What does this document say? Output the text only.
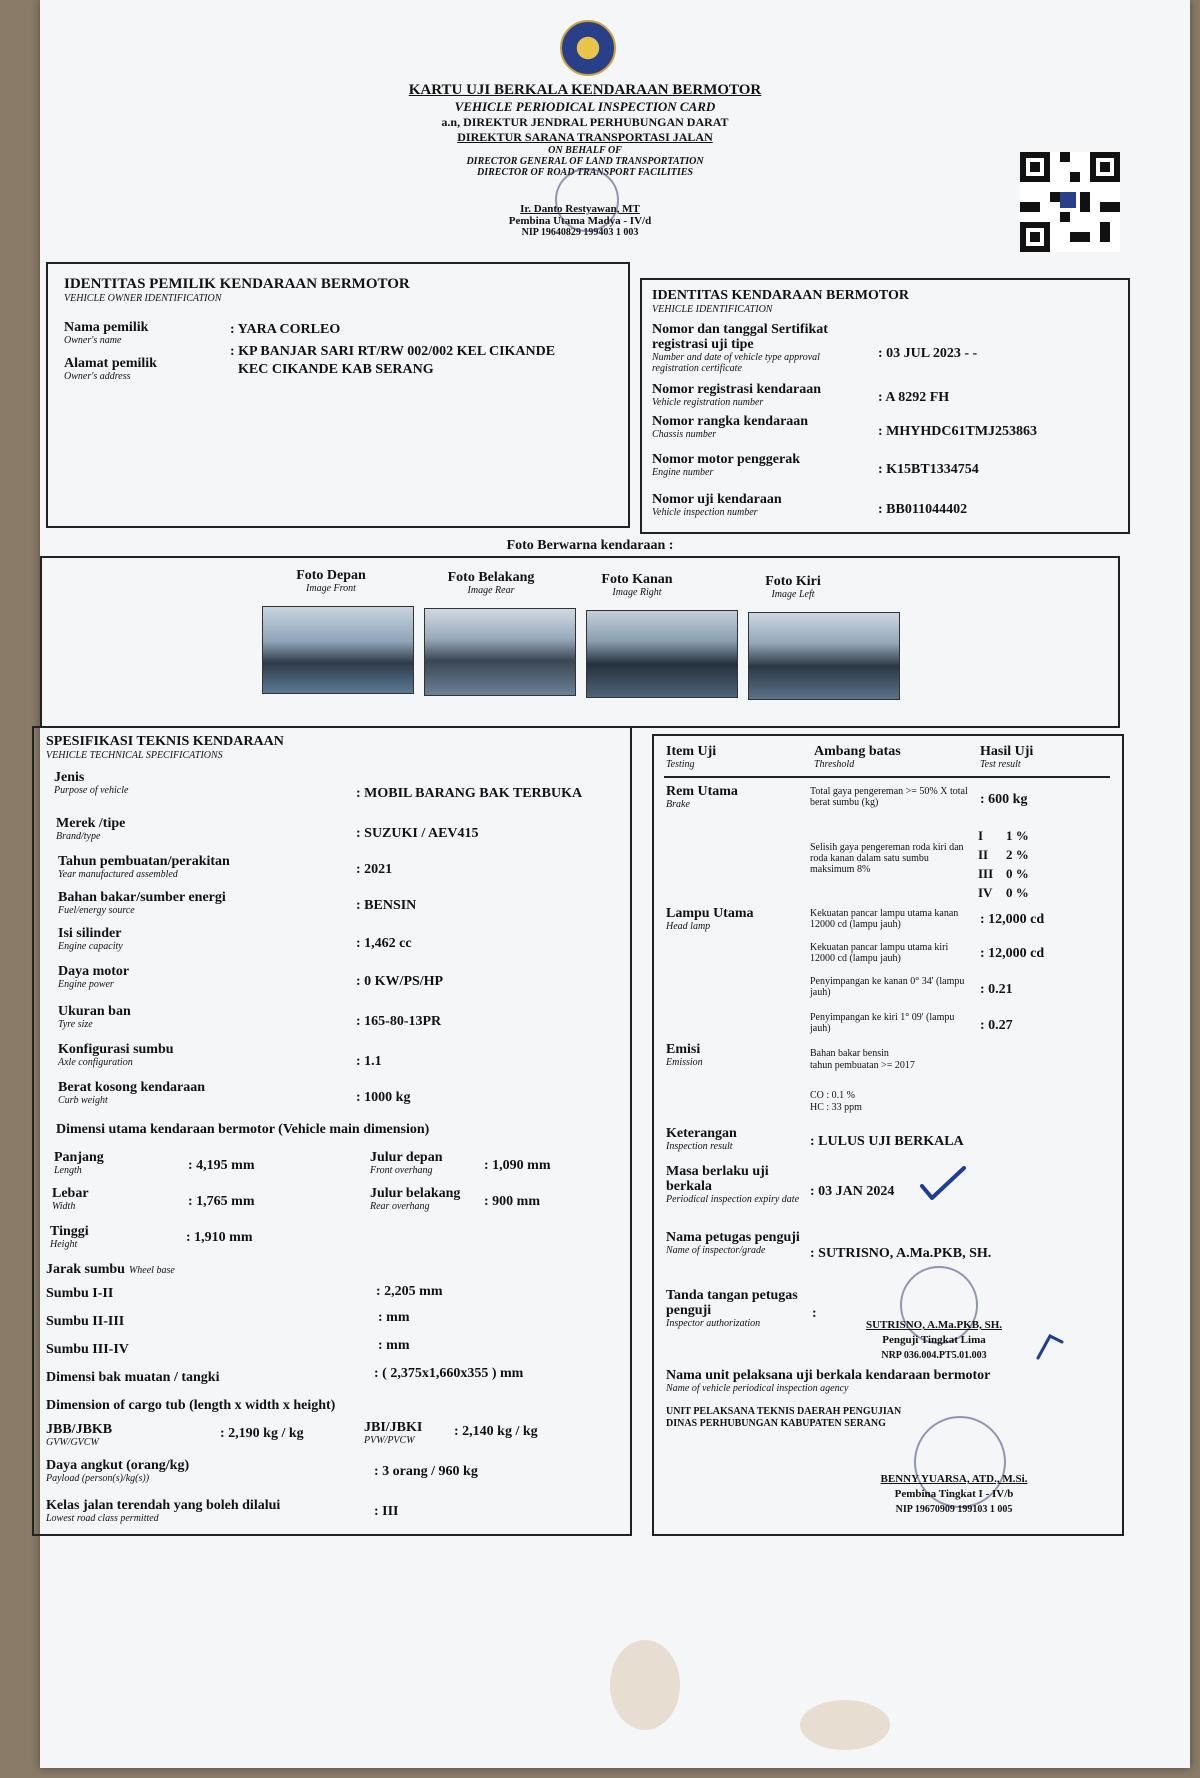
KARTU UJI BERKALA KENDARAAN BERMOTOR
VEHICLE PERIODICAL INSPECTION CARD
a.n, DIREKTUR JENDRAL PERHUBUNGAN DARAT
DIREKTUR SARANA TRANSPORTASI JALAN
ON BEHALF OF
DIRECTOR GENERAL OF LAND TRANSPORTATION
DIRECTOR OF ROAD TRANSPORT FACILITIES
Ir. Danto Restyawan, MT
Pembina Utama Madya - IV/d
NIP 19640829 199403 1 003
IDENTITAS PEMILIK KENDARAAN BERMOTOR
VEHICLE OWNER IDENTIFICATION
Nama pemilik
Owner's name
: YARA CORLEO
Alamat pemilik
Owner's address
: KP BANJAR SARI RT/RW 002/002 KEL CIKANDE
KEC CIKANDE KAB SERANG
IDENTITAS KENDARAAN BERMOTOR
VEHICLE IDENTIFICATION
Nomor dan tanggal Sertifikat registrasi uji tipe
Number and date of vehicle type approval registration certificate
: 03 JUL 2023 - -
Nomor registrasi kendaraan
Vehicle registration number	: A 8292 FH
Nomor rangka kendaraan
Chassis number	: MHYHDC61TMJ253863
Nomor motor penggerak
Engine number	: K15BT1334754
Nomor uji kendaraan
Vehicle inspection number	: BB011044402
Foto Berwarna kendaraan :
Foto Depan
Image Front
Foto Belakang
Image Rear
Foto Kanan
Image Right
Foto Kiri
Image Left
SPESIFIKASI TEKNIS KENDARAAN
VEHICLE TECHNICAL SPECIFICATIONS
Jenis
Purpose of vehicle	: MOBIL BARANG BAK TERBUKA
Merek /tipe
Brand/type	: SUZUKI / AEV415
Tahun pembuatan/perakitan
Year manufactured assembled	: 2021
Bahan bakar/sumber energi
Fuel/energy source	: BENSIN
Isi silinder
Engine capacity	: 1,462 cc
Daya motor
Engine power	: 0 KW/PS/HP
Ukuran ban
Tyre size	: 165-80-13PR
Konfigurasi sumbu
Axle configuration	: 1.1
Berat kosong kendaraan
Curb weight	: 1000 kg
Dimensi utama kendaraan bermotor (Vehicle main dimension)
Panjang
Length	: 4,195 mm
Julur depan
Front overhang	: 1,090 mm
Lebar
Width	: 1,765 mm
Julur belakang
Rear overhang	: 900 mm
Tinggi
Height	: 1,910 mm
Jarak sumbu Wheel base
Sumbu I-II	: 2,205 mm
Sumbu II-III	: mm
Sumbu III-IV	: mm
Dimensi bak muatan / tangki	: ( 2,375x1,660x355 ) mm
Dimension of cargo tub (length x width x height)
JBB/JBKB
GVW/GVCW
: 2,190 kg / kg	JBI/JBKI
PVW/PVCW
: 2,140 kg / kg
Daya angkut (orang/kg)
Payload (person(s)/kg(s))	: 3 orang / 960 kg
Kelas jalan terendah yang boleh dilalui
Lowest road class permitted	: III
Item Uji
Testing
Ambang batas
Threshold
Hasil Uji
Test result
Rem Utama
Brake
Total gaya pengereman >= 50% X total berat sumbu (kg)	: 600 kg
Selisih gaya pengereman roda kiri dan roda kanan dalam satu sumbu maksimum 8%
I 1 %
II 2 %
III 0 %
IV 0 %
Lampu Utama
Head lamp
Kekuatan pancar lampu utama kanan 12000 cd (lampu jauh)	: 12,000 cd
Kekuatan pancar lampu utama kiri 12000 cd (lampu jauh)	: 12,000 cd
Penyimpangan ke kanan 0° 34' (lampu jauh)	: 0.21
Penyimpangan ke kiri 1° 09' (lampu jauh)	: 0.27
Emisi
Emission
Bahan bakar bensin
tahun pembuatan >= 2017
CO : 0.1 %
HC : 33 ppm
Keterangan
Inspection result	: LULUS UJI BERKALA
Masa berlaku uji berkala
Periodical inspection expiry date
: 03 JAN 2024
Nama petugas penguji
Name of inspector/grade	: SUTRISNO, A.Ma.PKB, SH.
Tanda tangan petugas penguji
Inspector authorization
:
SUTRISNO, A.Ma.PKB, SH.
Penguji Tingkat Lima
NRP 036.004.PT5.01.003
Nama unit pelaksana uji berkala kendaraan bermotor
Name of vehicle periodical inspection agency
UNIT PELAKSANA TEKNIS DAERAH PENGUJIAN
DINAS PERHUBUNGAN KABUPATEN SERANG
BENNY YUARSA, ATD., M.Si.
Pembina Tingkat I - IV/b
NIP 19670909 199103 1 005
